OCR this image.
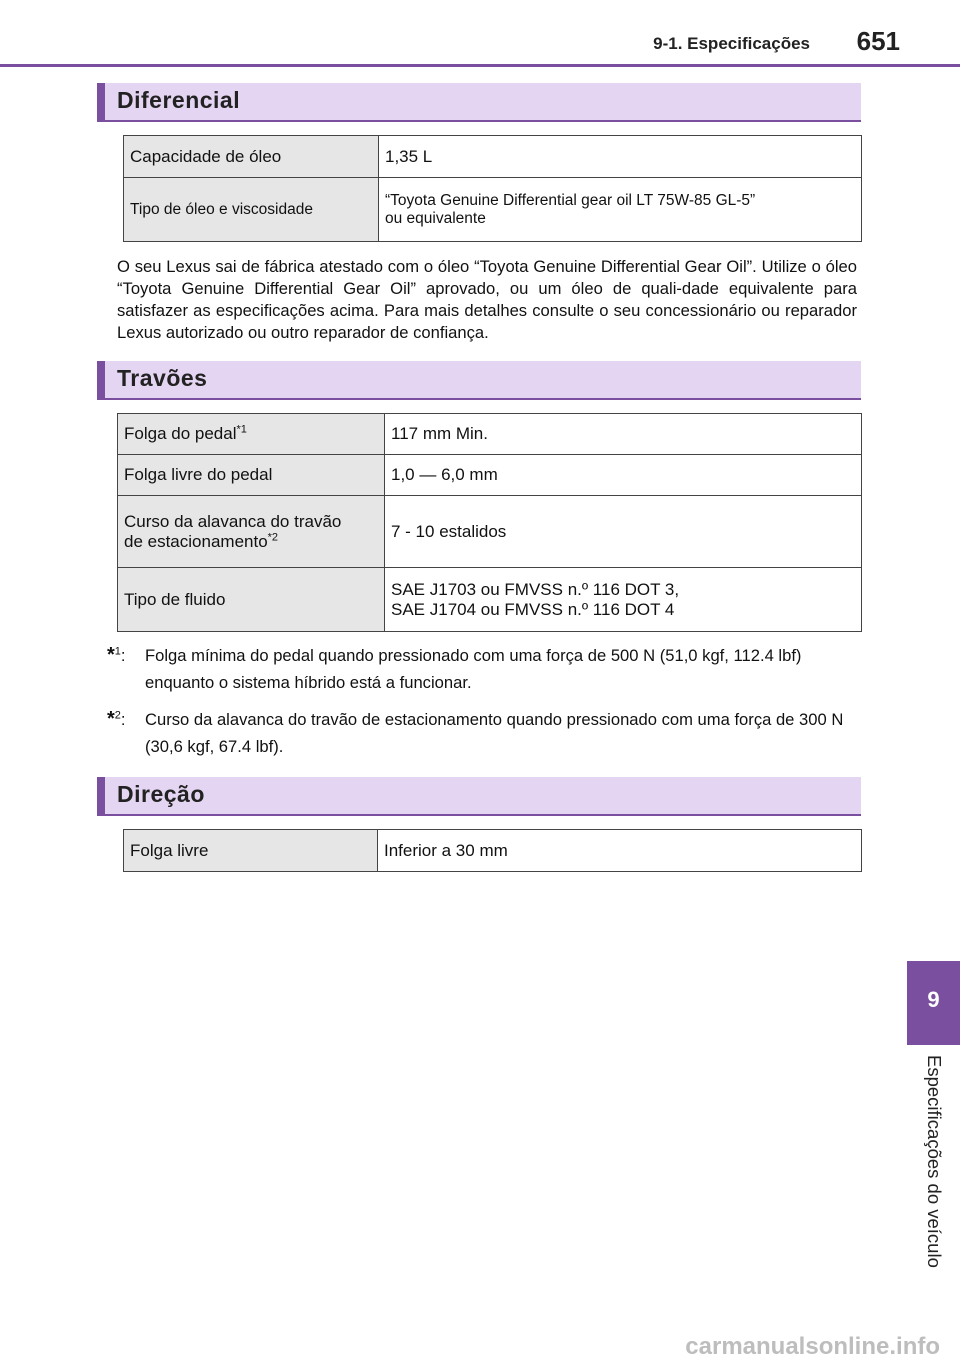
9-1. Especificações	651
Diferencial
Capacidade de óleo	1,35 L
Tipo de óleo e viscosidade	“Toyota Genuine Differential gear oil LT 75W-85 GL-5”
ou equivalente
O seu Lexus sai de fábrica atestado com o óleo “Toyota Genuine Differential Gear Oil”. Utilize o óleo “Toyota Genuine Differential Gear Oil” aprovado, ou um óleo de quali-dade equivalente para satisfazer as especificações acima. Para mais detalhes consulte o seu concessionário ou reparador Lexus autorizado ou outro reparador de confiança.
Travões
Folga do pedal$^{*1}$	117 mm Min.
Folga livre do pedal	1,0 — 6,0 mm
Curso da alavanca do travão
de estacionamento$^{*2}$	7 - 10 estalidos
Tipo de fluido	SAE J1703 ou FMVSS n.º 116 DOT 3,
SAE J1704 ou FMVSS n.º 116 DOT 4
*$^1$:	Folga mínima do pedal quando pressionado com uma força de 500 N (51,0 kgf, 112.4 lbf) enquanto o sistema híbrido está a funcionar.
*$^2$:	Curso da alavanca do travão de estacionamento quando pressionado com uma força de 300 N (30,6 kgf, 67.4 lbf).
Direção
Folga livre	Inferior a 30 mm
9
Especificações do veículo
carmanualsonline.info
